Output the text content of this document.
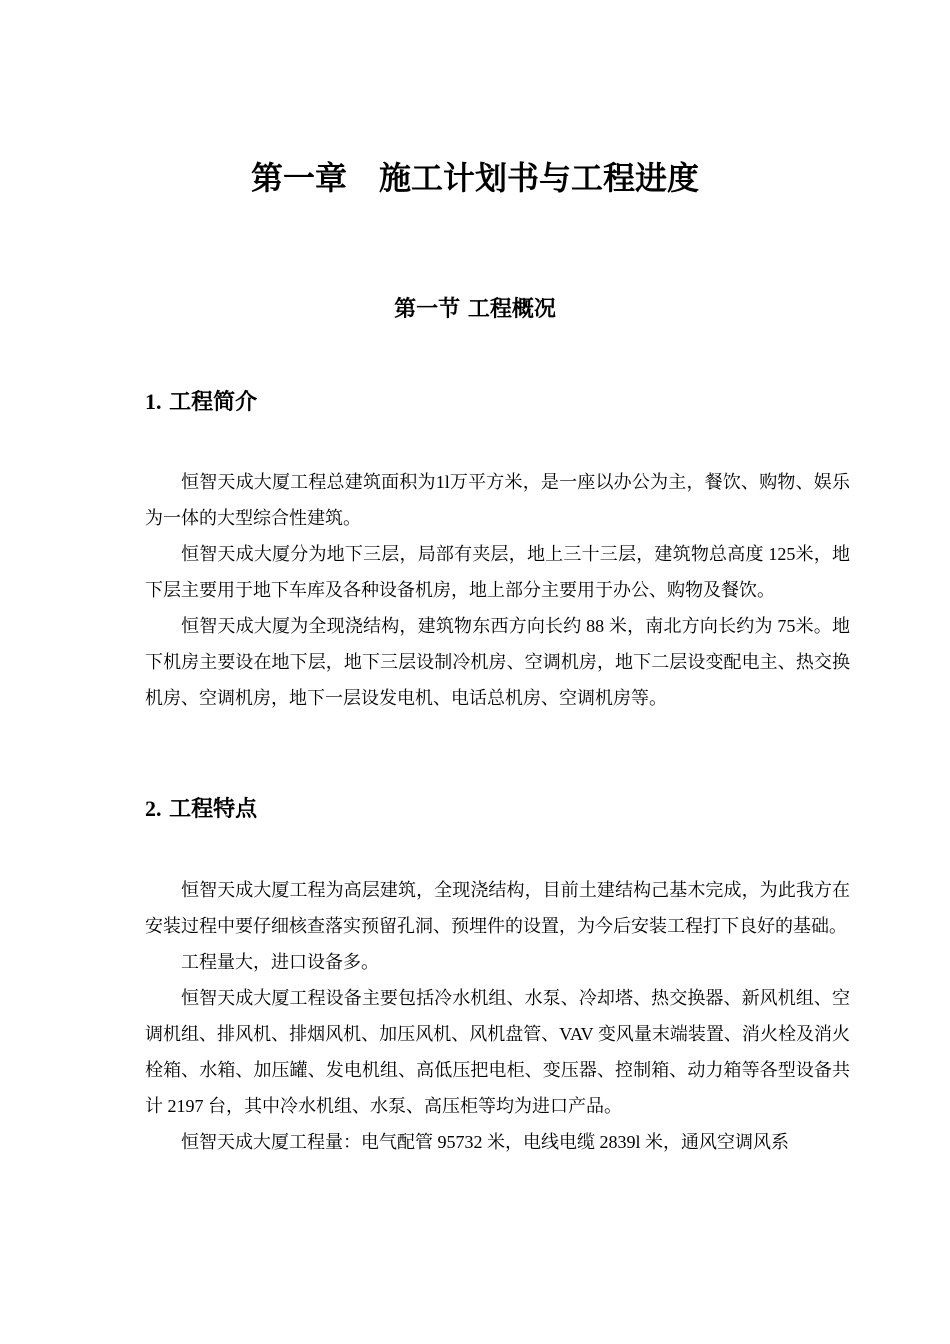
第一章　施工计划书与工程进度
第一节 工程概况
1. 工程简介

恒智天成大厦工程总建筑面积为1l万平方米，是一座以办公为主，餐饮、购物、娱乐为一体的大型综合性建筑。

恒智天成大厦分为地下三层，局部有夹层，地上三十三层，建筑物总高度 125米，地下层主要用于地下车库及各种设备机房，地上部分主要用于办公、购物及餐饮。

恒智天成大厦为全现浇结构，建筑物东西方向长约 88 米，南北方向长约为 75米。地下机房主要设在地下层，地下三层设制冷机房、空调机房，地下二层设变配电主、热交换机房、空调机房，地下一层设发电机、电话总机房、空调机房等。

2. 工程特点

恒智天成大厦工程为高层建筑，全现浇结构，目前土建结构己基木完成，为此我方在安装过程中要仔细核查落实预留孔洞、预埋件的设置，为今后安装工程打下良好的基础。

工程量大，进口设备多。

恒智天成大厦工程设备主要包括冷水机组、水泵、冷却塔、热交换器、新风机组、空调机组、排风机、排烟风机、加压风机、风机盘管、VAV 变风量末端装置、消火栓及消火栓箱、水箱、加压罐、发电机组、高低压把电柜、变压器、控制箱、动力箱等各型设备共计 2197 台，其中冷水机组、水泵、高压柜等均为进口产品。

恒智天成大厦工程量：电气配管 95732 米，电线电缆 2839l 米，通风空调风系
